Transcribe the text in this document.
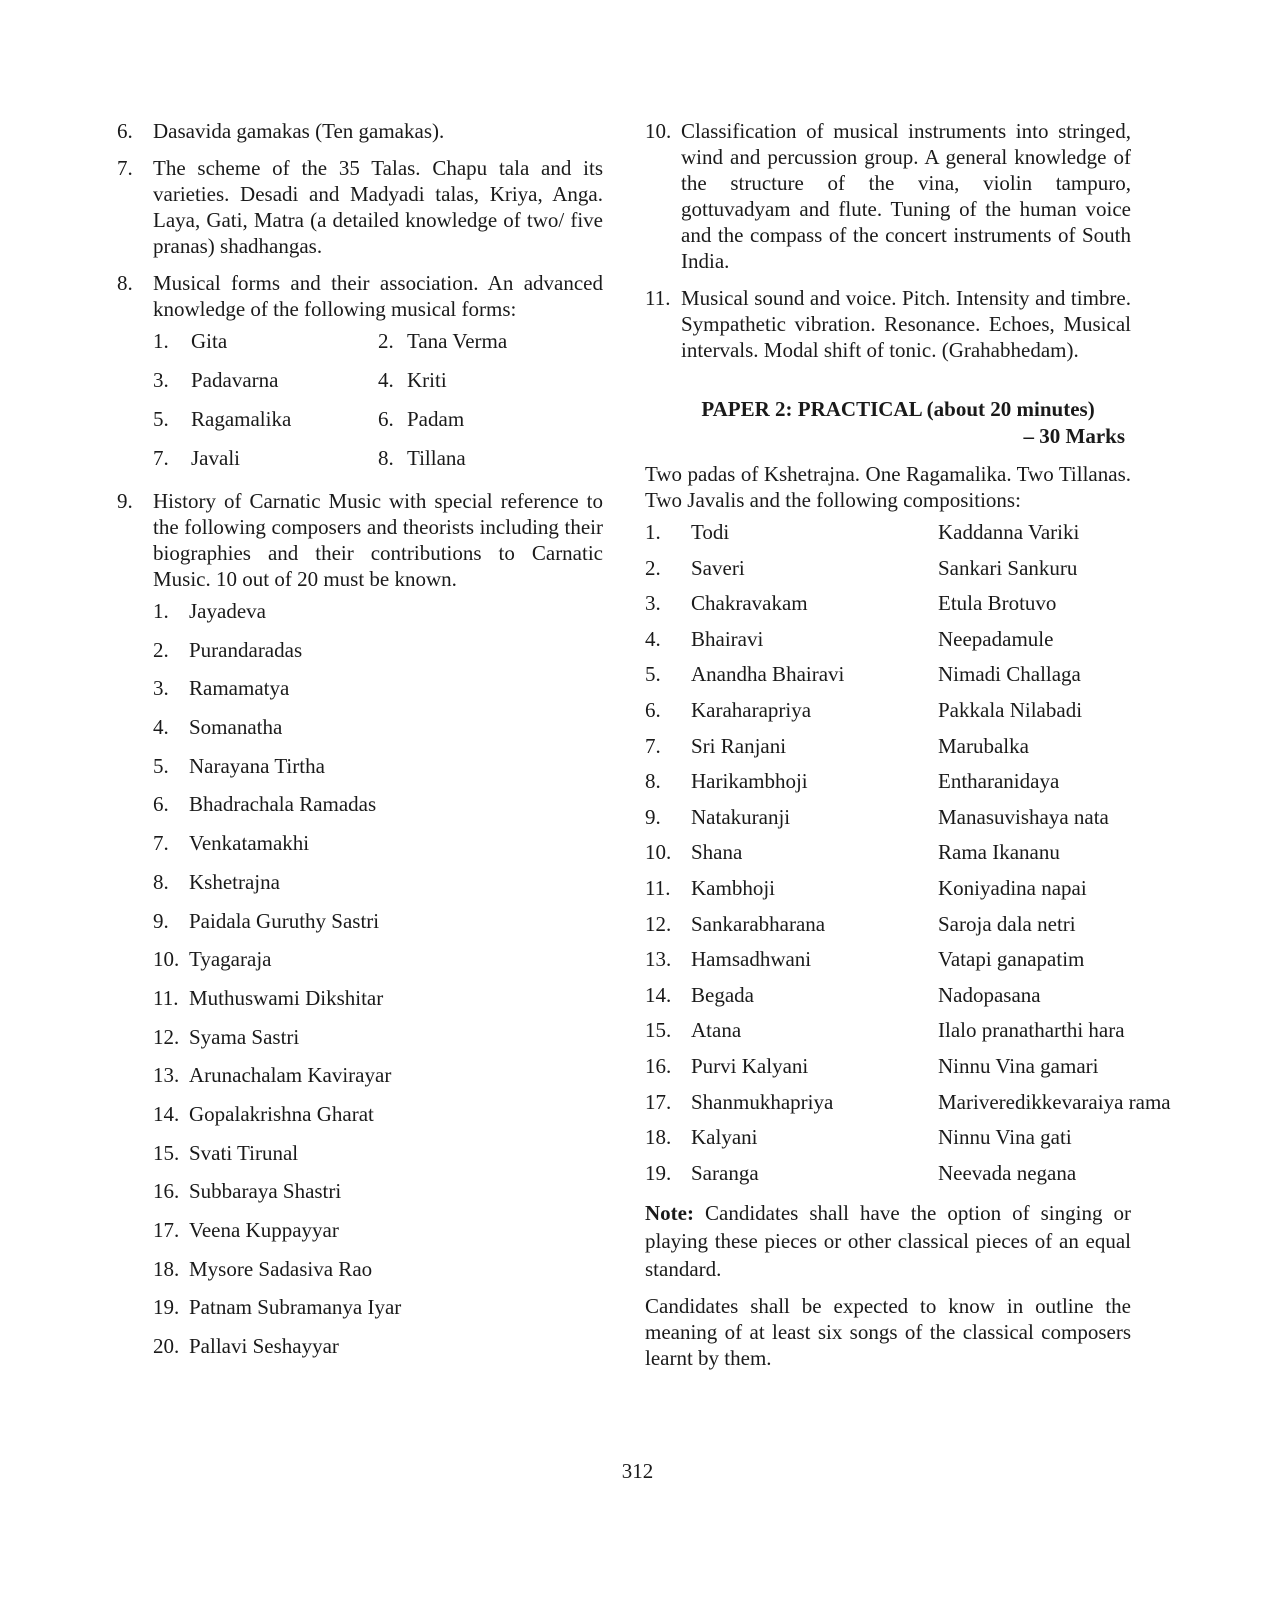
6. Dasavida gamakas (Ten gamakas).
7. The scheme of the 35 Talas. Chapu tala and its varieties. Desadi and Madyadi talas, Kriya, Anga. Laya, Gati, Matra (a detailed knowledge of two/ five pranas) shadhangas.
8. Musical forms and their association. An advanced knowledge of the following musical forms:
1.	Gita	2. Tana Verma
3.	Padavarna	4. Kriti
5.	Ragamalika	6. Padam
7.	Javali	8. Tillana
9. History of Carnatic Music with special reference to the following composers and theorists including their biographies and their contributions to Carnatic Music. 10 out of 20 must be known.
1. Jayadeva
2. Purandaradas
3. Ramamatya
4. Somanatha
5. Narayana Tirtha
6. Bhadrachala Ramadas
7. Venkatamakhi
8. Kshetrajna
9. Paidala Guruthy Sastri
10. Tyagaraja
11. Muthuswami Dikshitar
12. Syama Sastri
13. Arunachalam Kavirayar
14. Gopalakrishna Gharat
15. Svati Tirunal
16. Subbaraya Shastri
17. Veena Kuppayyar
18. Mysore Sadasiva Rao
19. Patnam Subramanya Iyar
20. Pallavi Seshayyar
10. Classification of musical instruments into stringed, wind and percussion group. A general knowledge of the structure of the vina, violin tampuro, gottuvadyam and flute. Tuning of the human voice and the compass of the concert instruments of South India.
11. Musical sound and voice. Pitch. Intensity and timbre. Sympathetic vibration. Resonance. Echoes, Musical intervals. Modal shift of tonic. (Grahabhedam).
PAPER 2: PRACTICAL (about 20 minutes)
– 30 Marks
Two padas of Kshetrajna. One Ragamalika. Two Tillanas. Two Javalis and the following compositions:
1.	Todi	Kaddanna Variki
2.	Saveri	Sankari Sankuru
3.	Chakravakam	Etula Brotuvo
4.	Bhairavi	Neepadamule
5.	Anandha Bhairavi	Nimadi Challaga
6.	Karaharapriya	Pakkala Nilabadi
7.	Sri Ranjani	Marubalka
8.	Harikambhoji	Entharanidaya
9.	Natakuranji	Manasuvishaya nata
10. Shana	Rama Ikananu
11. Kambhoji	Koniyadina napai
12. Sankarabharana	Saroja dala netri
13. Hamsadhwani	Vatapi ganapatim
14. Begada	Nadopasana
15. Atana	Ilalo pranatharthi hara
16. Purvi Kalyani	Ninnu Vina gamari
17. Shanmukhapriya	Mariveredikkevaraiya rama
18. Kalyani	Ninnu Vina gati
19. Saranga	Neevada negana
Note: Candidates shall have the option of singing or playing these pieces or other classical pieces of an equal standard.
Candidates shall be expected to know in outline the meaning of at least six songs of the classical composers learnt by them.
312
